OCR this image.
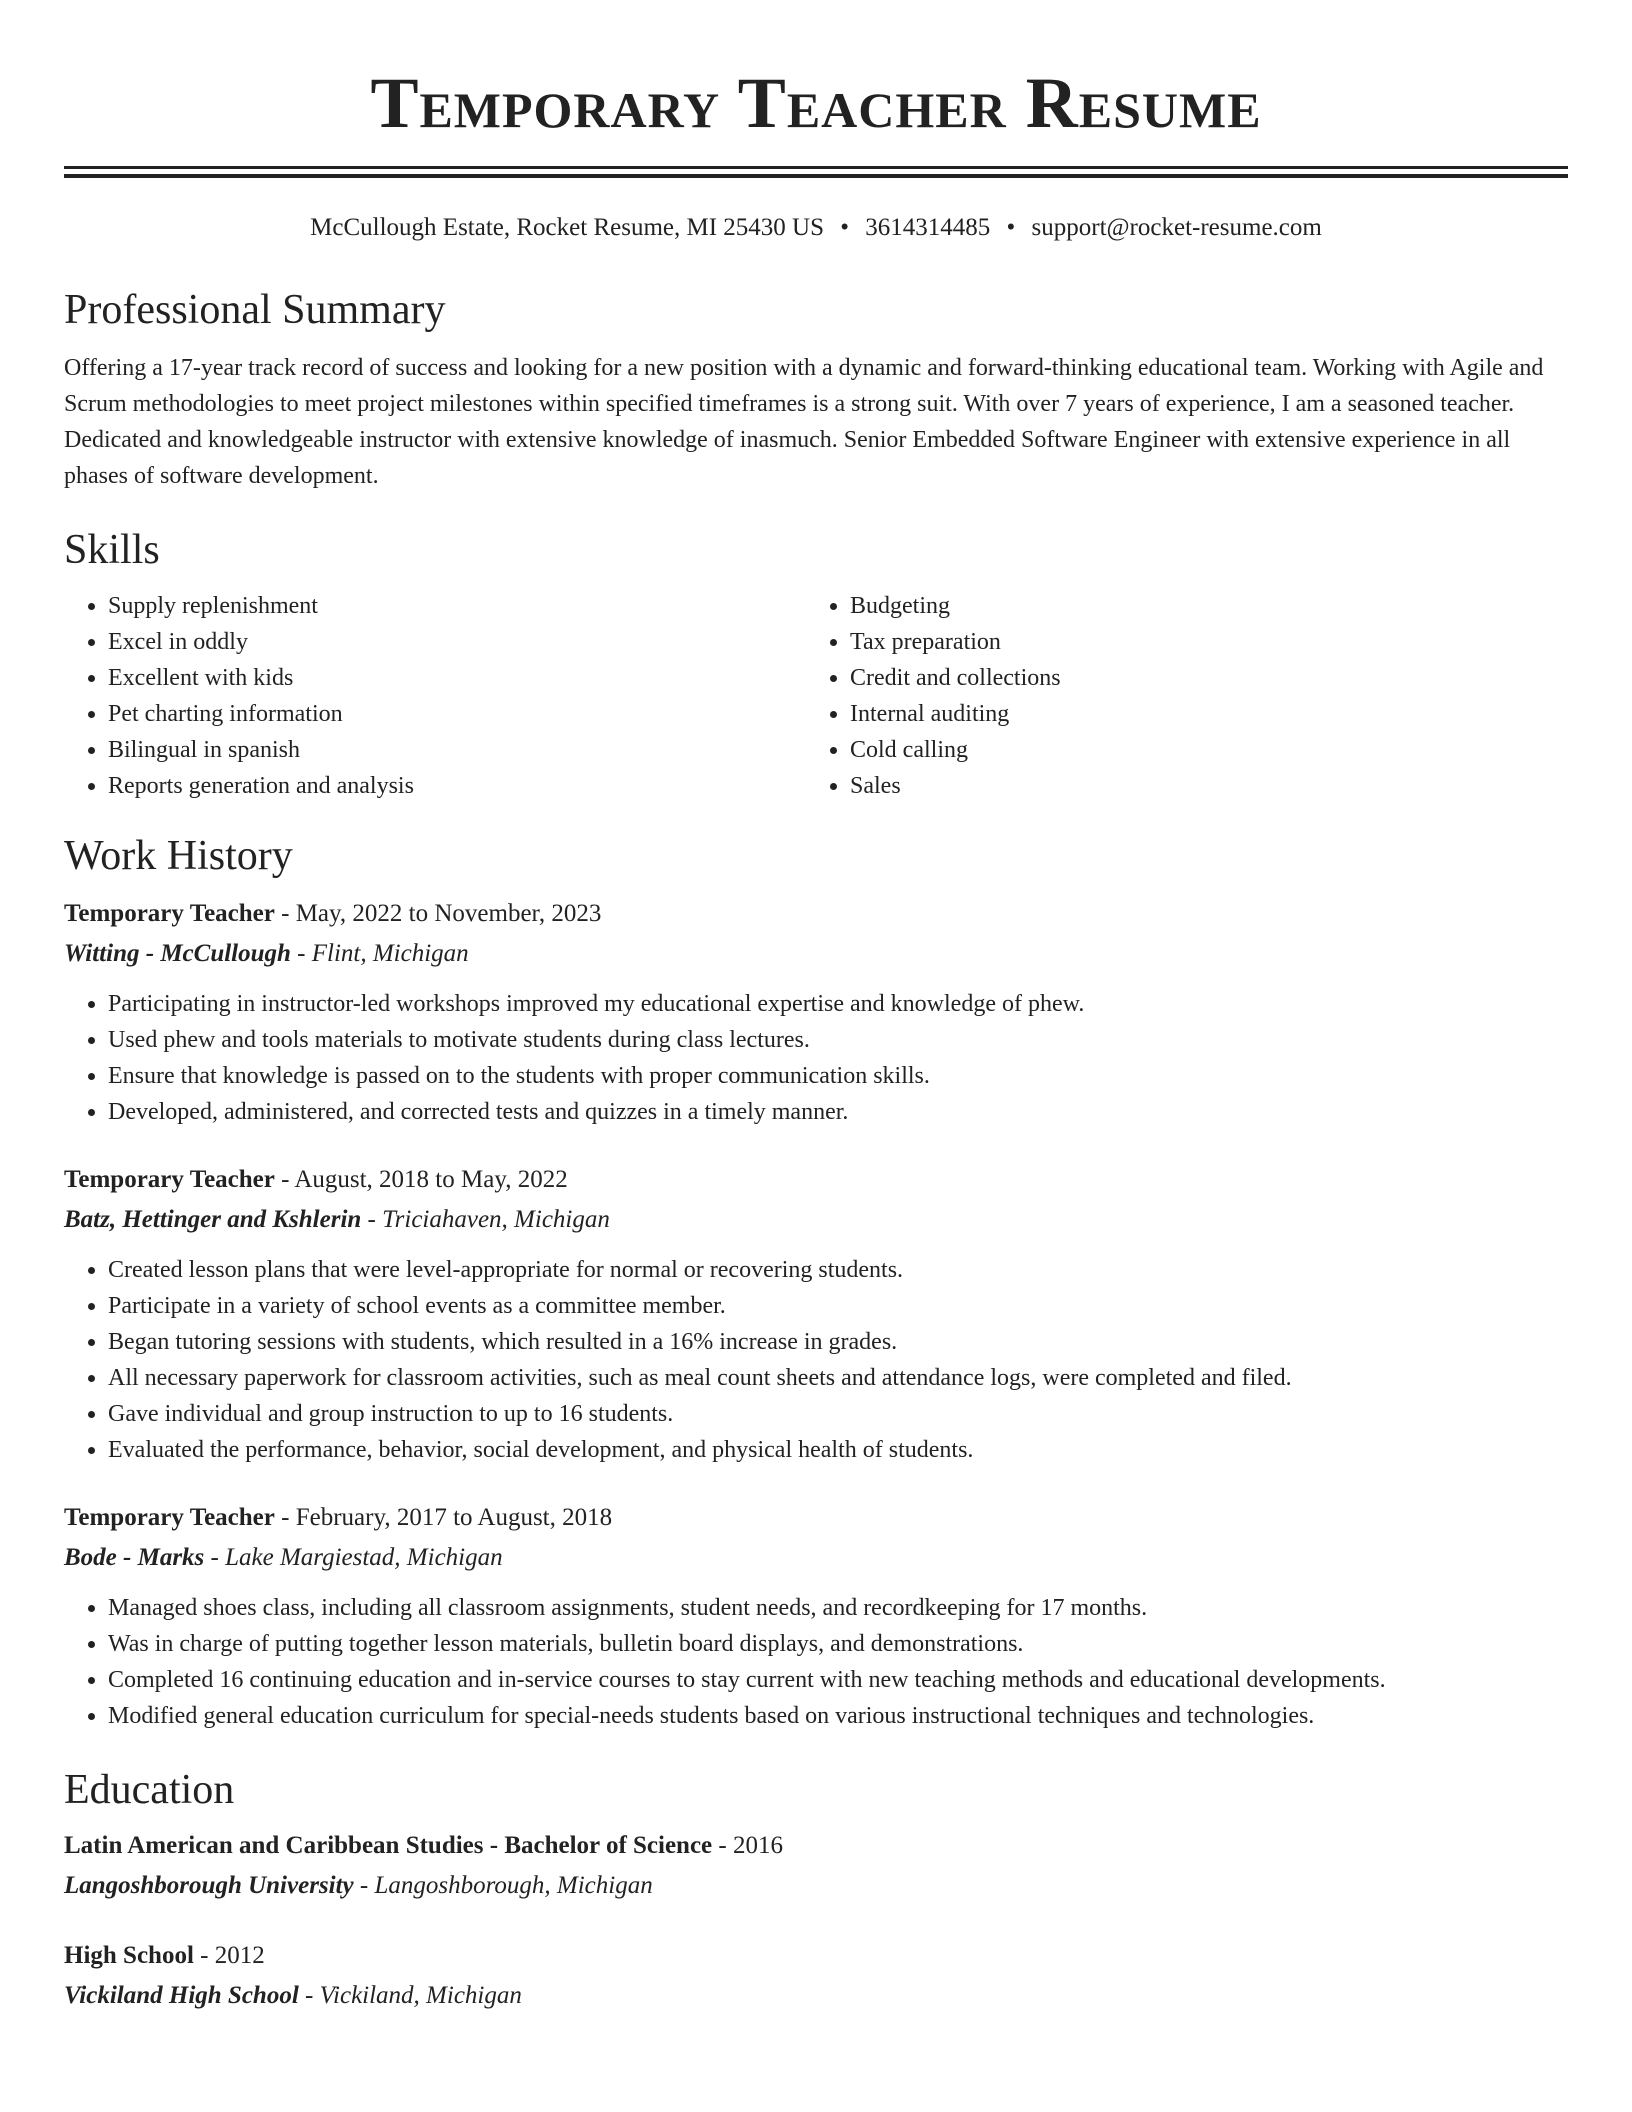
Temporary Teacher Resume
McCullough Estate, Rocket Resume, MI 25430 US • 3614314485 • support@rocket-resume.com
Professional Summary

Offering a 17-year track record of success and looking for a new position with a dynamic and forward-thinking educational team. Working with Agile and Scrum methodologies to meet project milestones within specified timeframes is a strong suit. With over 7 years of experience, I am a seasoned teacher. Dedicated and knowledgeable instructor with extensive knowledge of inasmuch. Senior Embedded Software Engineer with extensive experience in all phases of software development.

Skills
• Supply replenishment
• Excel in oddly
• Excellent with kids
• Pet charting information
• Bilingual in spanish
• Reports generation and analysis
• Budgeting
• Tax preparation
• Credit and collections
• Internal auditing
• Cold calling
• Sales
Work History
Temporary Teacher - May, 2022 to November, 2023
Witting - McCullough - Flint, Michigan
• Participating in instructor-led workshops improved my educational expertise and knowledge of phew.
• Used phew and tools materials to motivate students during class lectures.
• Ensure that knowledge is passed on to the students with proper communication skills.
• Developed, administered, and corrected tests and quizzes in a timely manner.
Temporary Teacher - August, 2018 to May, 2022
Batz, Hettinger and Kshlerin - Triciahaven, Michigan
• Created lesson plans that were level-appropriate for normal or recovering students.
• Participate in a variety of school events as a committee member.
• Began tutoring sessions with students, which resulted in a 16% increase in grades.
• All necessary paperwork for classroom activities, such as meal count sheets and attendance logs, were completed and filed.
• Gave individual and group instruction to up to 16 students.
• Evaluated the performance, behavior, social development, and physical health of students.
Temporary Teacher - February, 2017 to August, 2018
Bode - Marks - Lake Margiestad, Michigan
• Managed shoes class, including all classroom assignments, student needs, and recordkeeping for 17 months.
• Was in charge of putting together lesson materials, bulletin board displays, and demonstrations.
• Completed 16 continuing education and in-service courses to stay current with new teaching methods and educational developments.
• Modified general education curriculum for special-needs students based on various instructional techniques and technologies.
Education
Latin American and Caribbean Studies - Bachelor of Science - 2016
Langoshborough University - Langoshborough, Michigan
High School - 2012
Vickiland High School - Vickiland, Michigan
